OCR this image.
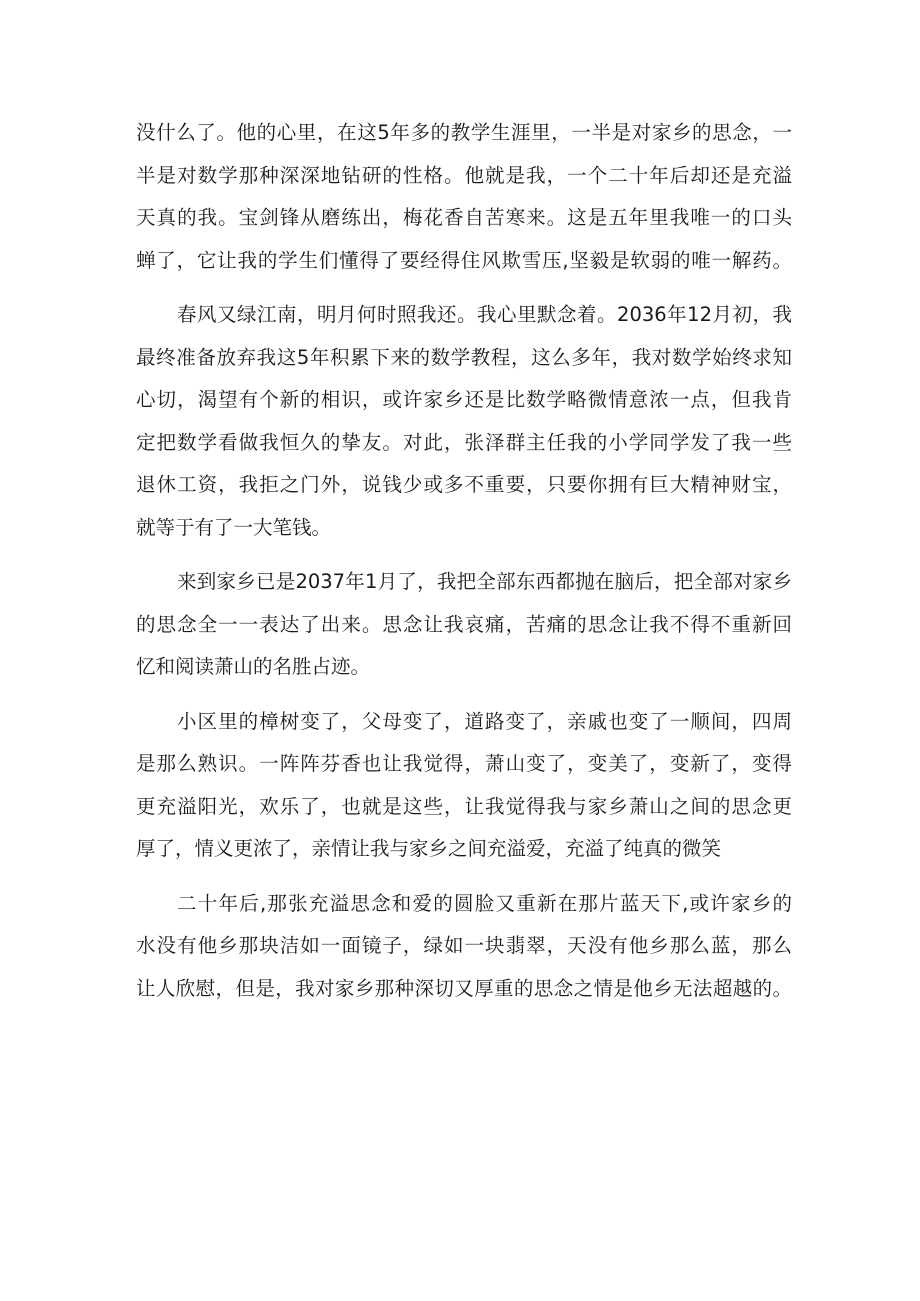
没什么了。他的心里，在这5年多的教学生涯里，一半是对家乡的思念，一
半是对数学那种深深地钻研的性格。他就是我，一个二十年后却还是充溢
天真的我。宝剑锋从磨练出，梅花香自苦寒来。这是五年里我唯一的口头
蝉了，它让我的学生们懂得了要经得住风欺雪压,坚毅是软弱的唯一解药。
春风又绿江南，明月何时照我还。我心里默念着。2036年12月初，我
最终准备放弃我这5年积累下来的数学教程，这么多年，我对数学始终求知
心切，渴望有个新的相识，或许家乡还是比数学略微情意浓一点，但我肯
定把数学看做我恒久的挚友。对此，张泽群主任我的小学同学发了我一些
退休工资，我拒之门外，说钱少或多不重要，只要你拥有巨大精神财宝，
就等于有了一大笔钱。
来到家乡已是2037年1月了，我把全部东西都抛在脑后，把全部对家乡
的思念全一一表达了出来。思念让我哀痛，苦痛的思念让我不得不重新回
忆和阅读萧山的名胜占迹。
小区里的樟树变了，父母变了，道路变了，亲戚也变了一顺间，四周
是那么熟识。一阵阵芬香也让我觉得，萧山变了，变美了，变新了，变得
更充溢阳光，欢乐了，也就是这些，让我觉得我与家乡萧山之间的思念更
厚了，情义更浓了，亲情让我与家乡之间充溢爱，充溢了纯真的微笑
二十年后,那张充溢思念和爱的圆脸又重新在那片蓝天下,或许家乡的
水没有他乡那块洁如一面镜子，绿如一块翡翠，天没有他乡那么蓝，那么
让人欣慰，但是，我对家乡那种深切又厚重的思念之情是他乡无法超越的。
